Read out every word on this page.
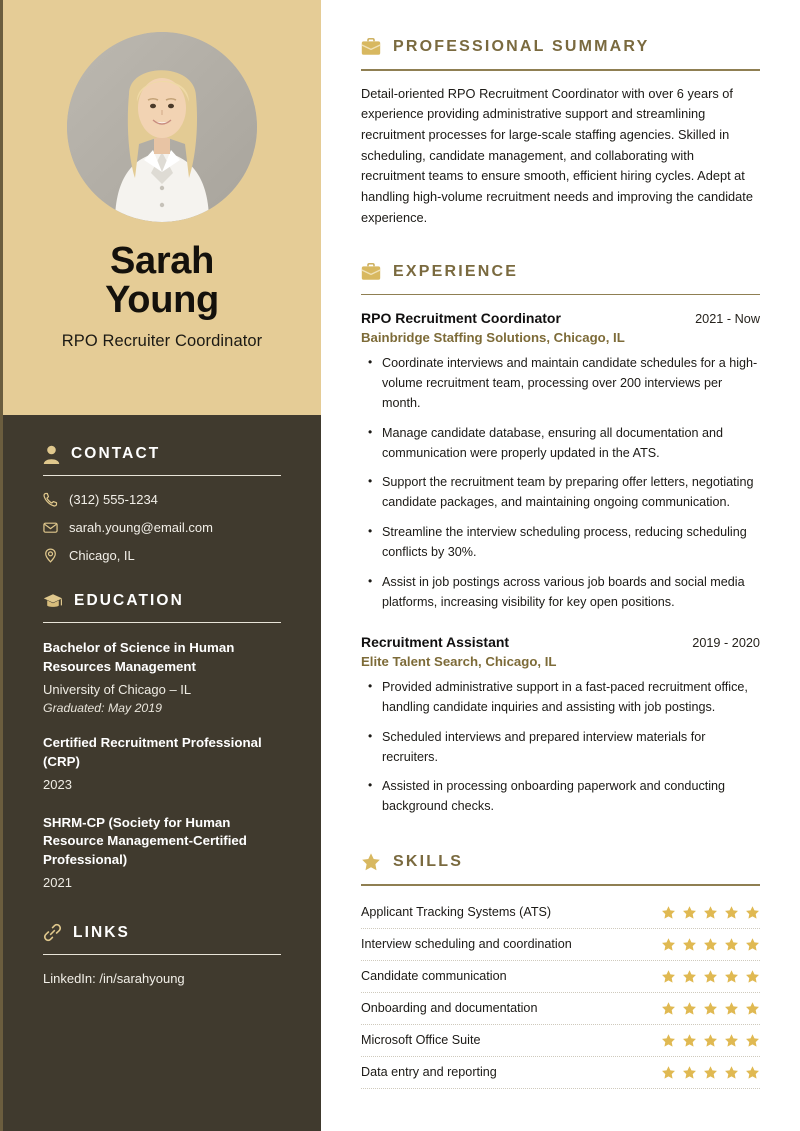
Sarah
Young
RPO Recruiter Coordinator
CONTACT
(312) 555-1234
sarah.young@email.com
Chicago, IL
EDUCATION
Bachelor of Science in Human Resources Management
University of Chicago – IL
Graduated: May 2019
Certified Recruitment Professional (CRP)
2023
SHRM-CP (Society for Human Resource Management-Certified Professional)
2021
LINKS
LinkedIn: /in/sarahyoung
PROFESSIONAL SUMMARY
Detail-oriented RPO Recruitment Coordinator with over 6 years of experience providing administrative support and streamlining recruitment processes for large-scale staffing agencies. Skilled in scheduling, candidate management, and collaborating with recruitment teams to ensure smooth, efficient hiring cycles. Adept at handling high-volume recruitment needs and improving the candidate experience.
EXPERIENCE
RPO Recruitment Coordinator	2021 - Now
Bainbridge Staffing Solutions, Chicago, IL
• Coordinate interviews and maintain candidate schedules for a high-volume recruitment team, processing over 200 interviews per month.
• Manage candidate database, ensuring all documentation and communication were properly updated in the ATS.
• Support the recruitment team by preparing offer letters, negotiating candidate packages, and maintaining ongoing communication.
• Streamline the interview scheduling process, reducing scheduling conflicts by 30%.
• Assist in job postings across various job boards and social media platforms, increasing visibility for key open positions.
Recruitment Assistant	2019 - 2020
Elite Talent Search, Chicago, IL
• Provided administrative support in a fast-paced recruitment office, handling candidate inquiries and assisting with job postings.
• Scheduled interviews and prepared interview materials for recruiters.
• Assisted in processing onboarding paperwork and conducting background checks.
SKILLS
Applicant Tracking Systems (ATS)
Interview scheduling and coordination
Candidate communication
Onboarding and documentation
Microsoft Office Suite
Data entry and reporting
